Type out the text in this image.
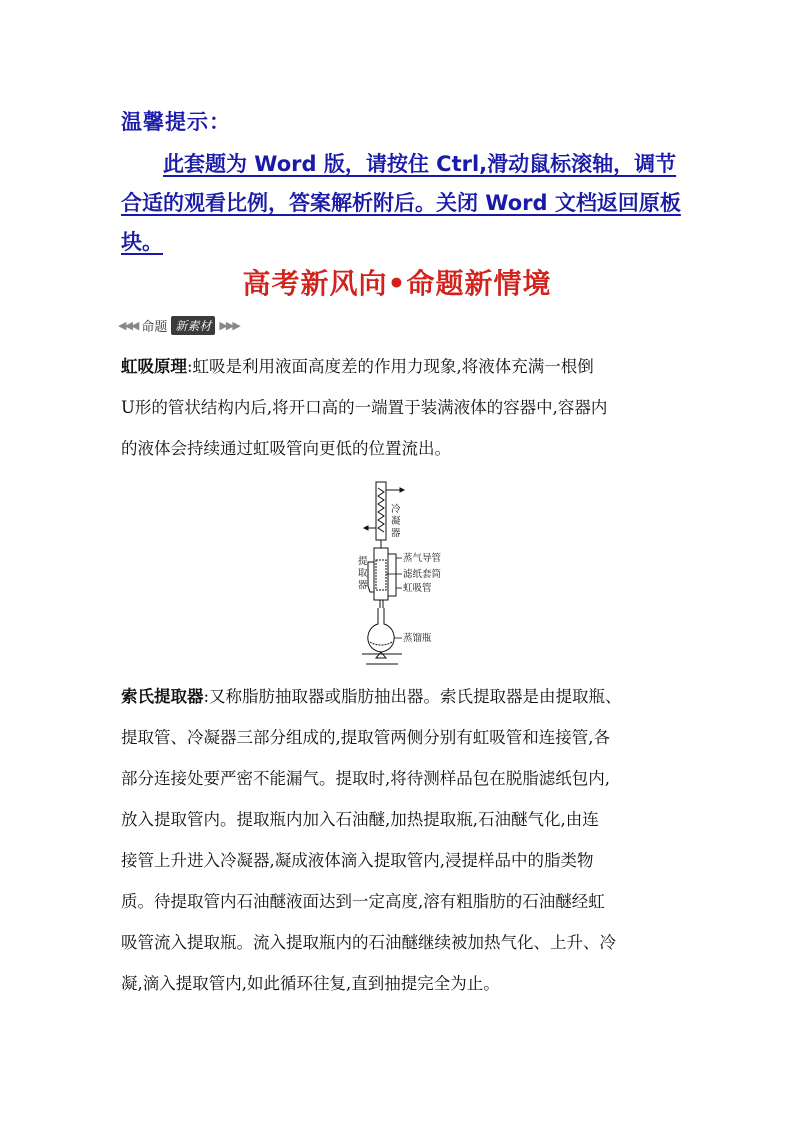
温馨提示：
此套题为 Word 版，请按住 Ctrl,滑动鼠标滚轴，调节
合适的观看比例，答案解析附后。关闭 Word 文档返回原板
块。
高考新风向•命题新情境
◀◀◀ 命题 新素材 ▶▶▶
虹吸原理:虹吸是利用液面高度差的作用力现象,将液体充满一根倒
U形的管状结构内后,将开口高的一端置于装满液体的容器中,容器内
的液体会持续通过虹吸管向更低的位置流出。
冷
凝
器
提
取
器
蒸气导管
滤纸套筒
虹吸管
蒸馏瓶
索氏提取器:又称脂肪抽取器或脂肪抽出器。索氏提取器是由提取瓶、
提取管、冷凝器三部分组成的,提取管两侧分别有虹吸管和连接管,各
部分连接处要严密不能漏气。提取时,将待测样品包在脱脂滤纸包内,
放入提取管内。提取瓶内加入石油醚,加热提取瓶,石油醚气化,由连
接管上升进入冷凝器,凝成液体滴入提取管内,浸提样品中的脂类物
质。待提取管内石油醚液面达到一定高度,溶有粗脂肪的石油醚经虹
吸管流入提取瓶。流入提取瓶内的石油醚继续被加热气化、上升、冷
凝,滴入提取管内,如此循环往复,直到抽提完全为止。
